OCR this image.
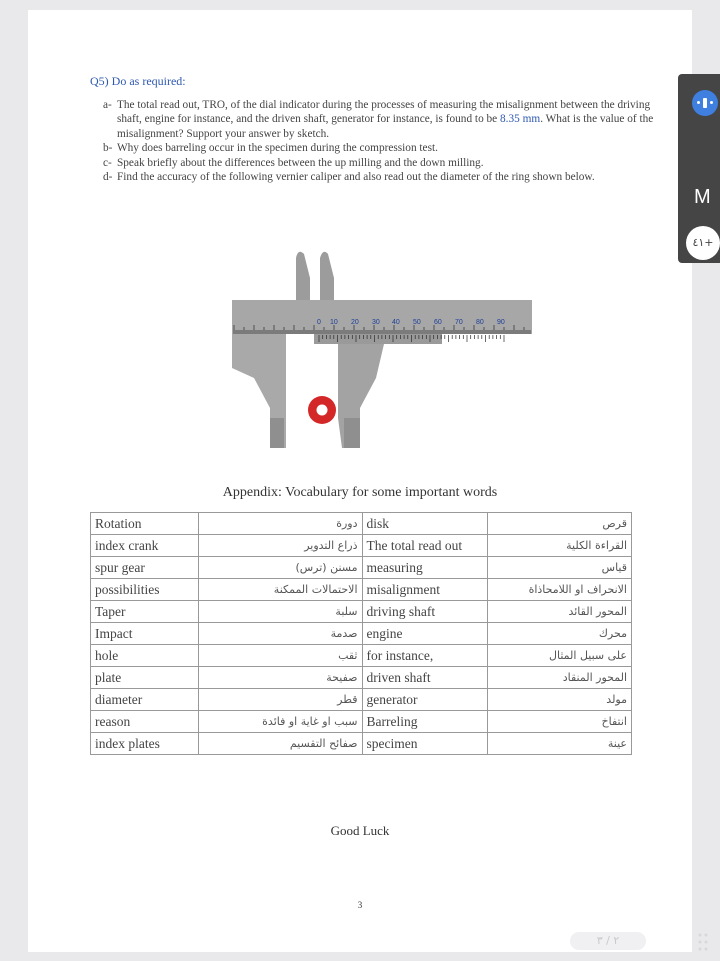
Q5) Do as required:
a- The total read out, TRO, of the dial indicator during the processes of measuring the misalignment between the driving shaft, engine for instance, and the driven shaft, generator for instance, is found to be 8.35 mm. What is the value of the misalignment? Support your answer by sketch.
b- Why does barreling occur in the specimen during the compression test.
c- Speak briefly about the differences between the up milling and the down milling.
d- Find the accuracy of the following vernier caliper and also read out the diameter of the ring shown below.
0 10 20 30 40 50 60 70 80 90
Appendix: Vocabulary for some important words
Rotation	دورة	disk	قرص
index crank	ذراع التدوير	The total read out	القراءة الكلية
spur gear	مسنن (ترس)	measuring	قياس
possibilities	الاحتمالات الممكنة	misalignment	الانحراف او اللامحاذاة
Taper	سلبة	driving shaft	المحور القائد
Impact	صدمة	engine	محرك
hole	ثقب	for instance,	على سبيل المثال
plate	صفيحة	driven shaft	المحور المنقاد
diameter	قطر	generator	مولد
reason	سبب او غاية او فائدة	Barreling	انتفاخ
index plates	صفائح التقسيم	specimen	عينة
Good Luck
3
M
+٤١
٢ / ٣
